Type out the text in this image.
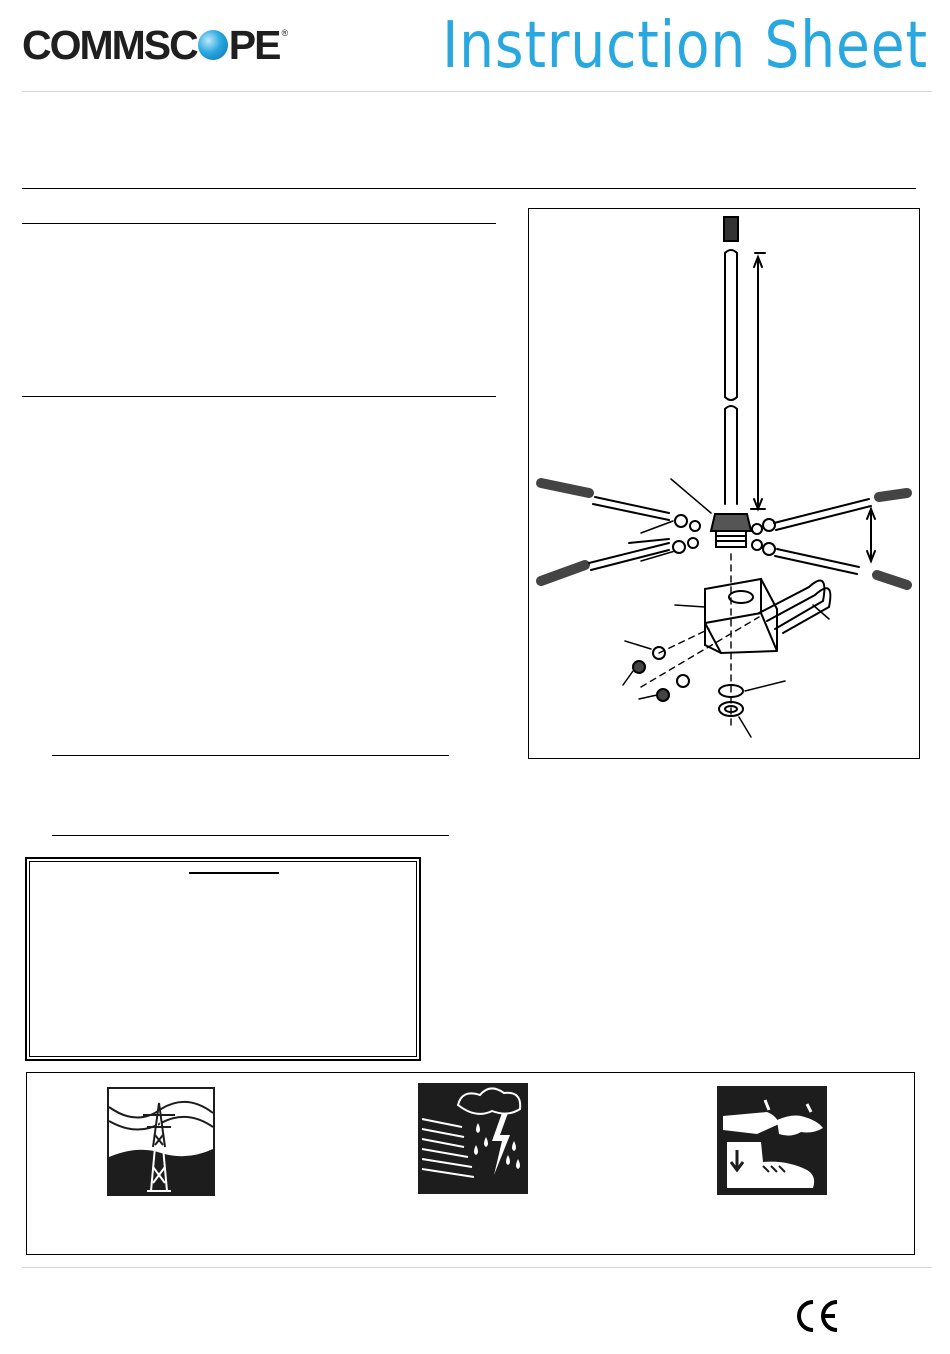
COMMSC PE® Instruction Sheet
